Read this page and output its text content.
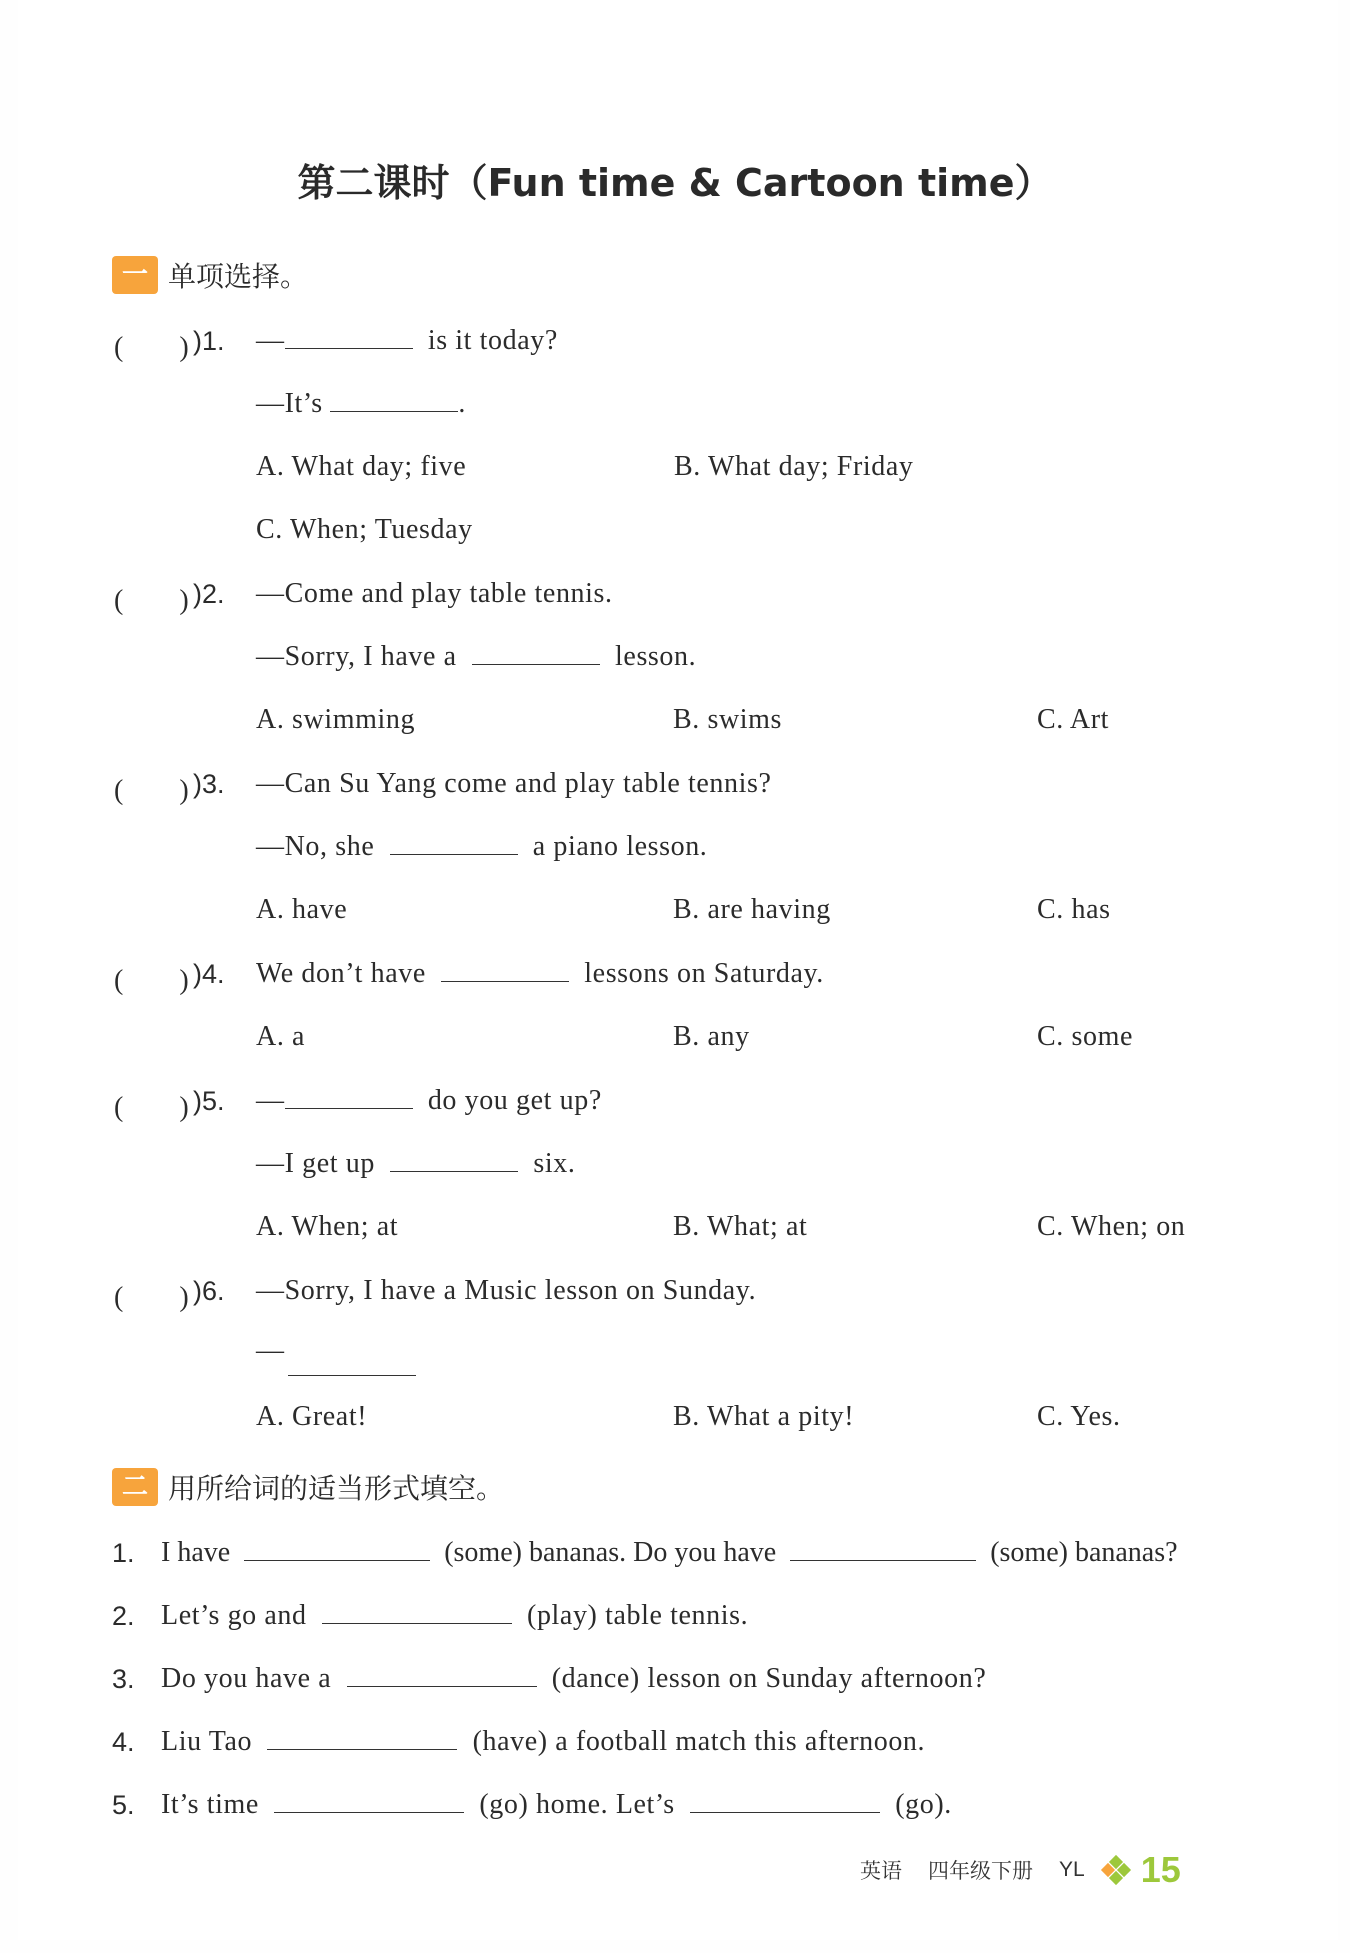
第二课时（Fun time & Cartoon time）
一 单项选择。
(　　) )1. —	is it today?
—It’s	.
A. What day; five	B. What day; Friday
C. When; Tuesday
(　　) )2. —Come and play table tennis.
—Sorry, I have a	lesson.
A. swimming	B. swims	C. Art
(　　) )3. —Can Su Yang come and play table tennis?
—No, she	a piano lesson.
A. have	B. are having	C. has
(　　) )4. We don’t have	lessons on Saturday.
A. a	B. any	C. some
(　　) )5. —	do you get up?
—I get up	six.
A. When; at	B. What; at	C. When; on
(　　) )6. —Sorry, I have a Music lesson on Sunday.
—
A. Great!	B. What a pity!	C. Yes.
二 用所给词的适当形式填空。
1. I have	(some) bananas. Do you have	(some) bananas?
2. Let’s go and	(play) table tennis.
3. Do you have a	(dance) lesson on Sunday afternoon?
4. Liu Tao	(have) a football match this afternoon.
5. It’s time	(go) home. Let’s	(go).
英语 四年级下册 YL 15
